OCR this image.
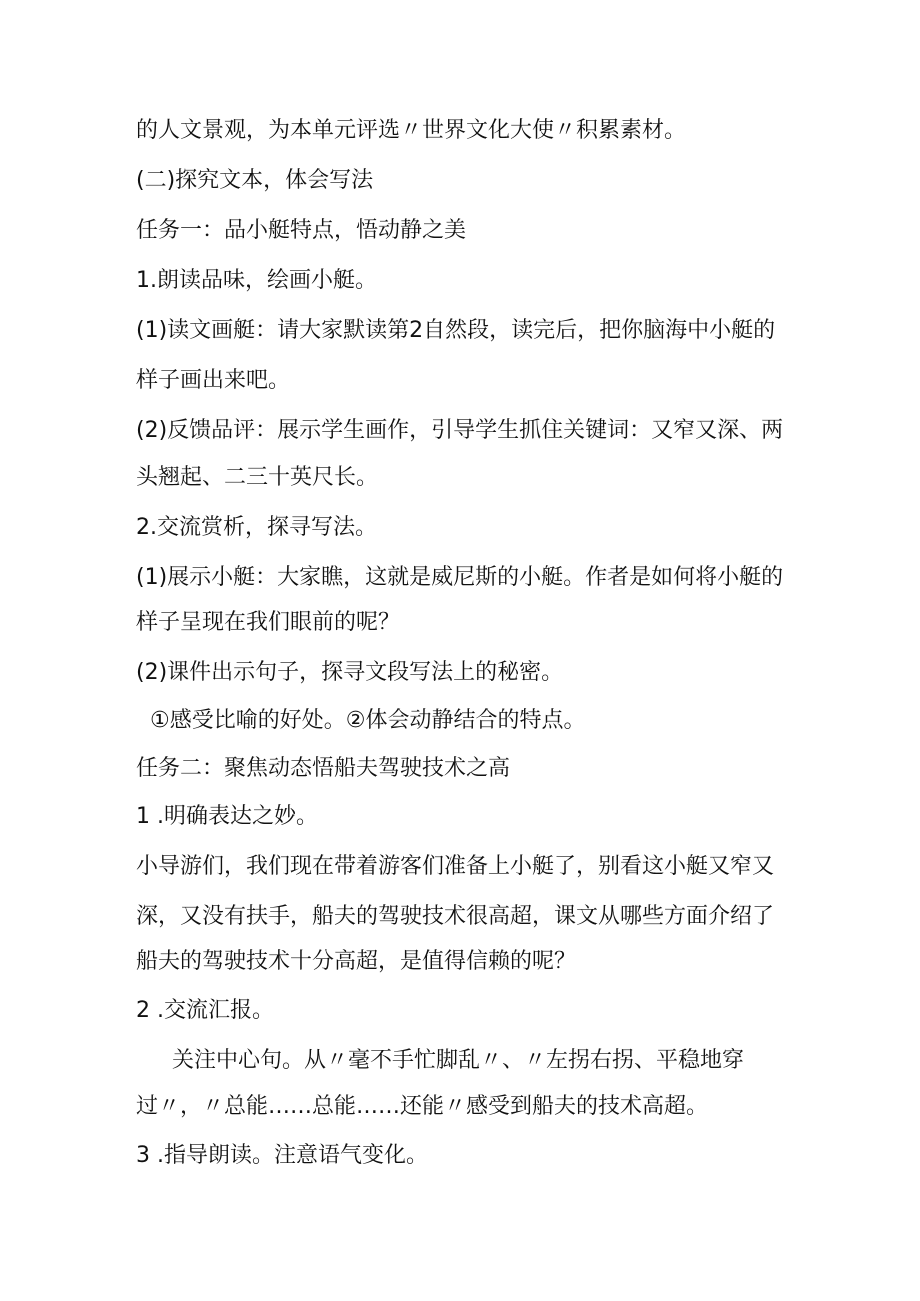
的人文景观，为本单元评选〃世界文化大使〃积累素材。
(二)探究文本，体会写法
任务一：品小艇特点，悟动静之美
1.朗读品味，绘画小艇。
(1)读文画艇：请大家默读第2自然段，读完后，把你脑海中小艇的
样子画出来吧。
(2)反馈品评：展示学生画作，引导学生抓住关键词：又窄又深、两
头翘起、二三十英尺长。
2.交流赏析，探寻写法。
(1)展示小艇：大家瞧，这就是威尼斯的小艇。作者是如何将小艇的
样子呈现在我们眼前的呢？
(2)课件出示句子，探寻文段写法上的秘密。
①感受比喻的好处。②体会动静结合的特点。
任务二：聚焦动态悟船夫驾驶技术之高
1 .明确表达之妙。
小导游们，我们现在带着游客们准备上小艇了，别看这小艇又窄又
深，又没有扶手，船夫的驾驶技术很高超，课文从哪些方面介绍了
船夫的驾驶技术十分高超，是值得信赖的呢？
2 .交流汇报。
关注中心句。从〃毫不手忙脚乱〃、〃左拐右拐、平稳地穿
过〃，〃总能……总能……还能〃感受到船夫的技术高超。
3 .指导朗读。注意语气变化。
